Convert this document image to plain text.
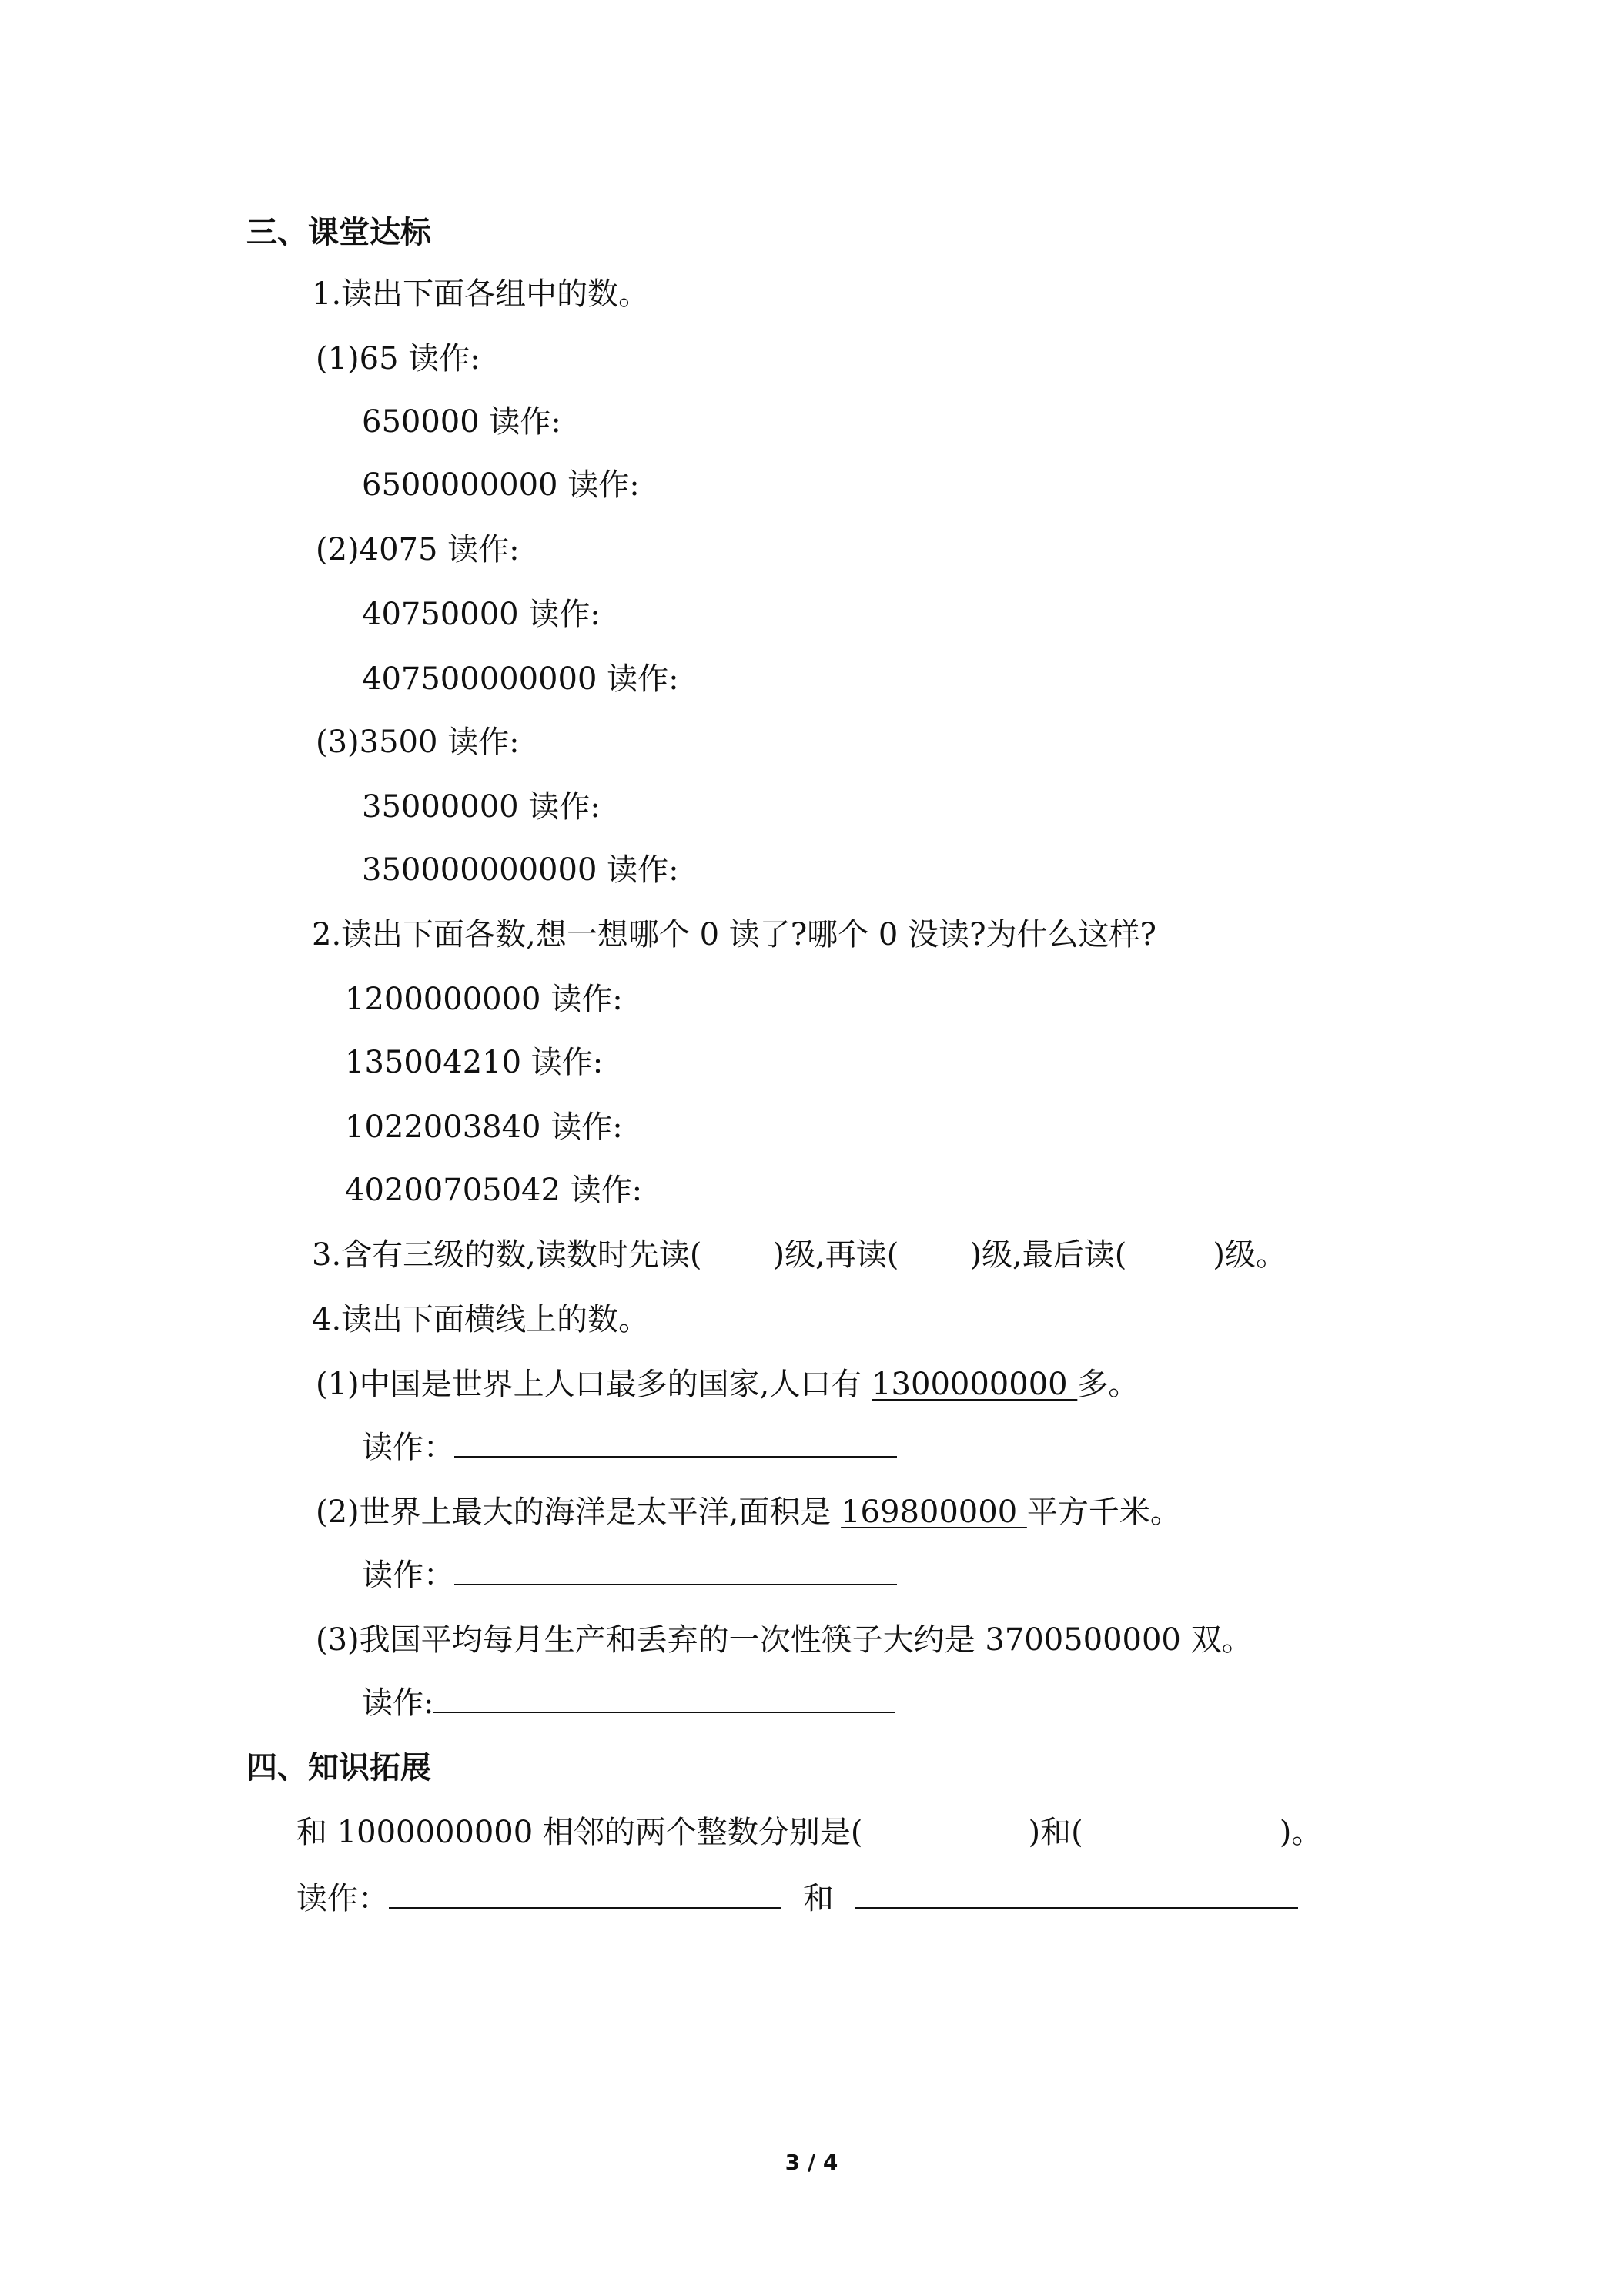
三、课堂达标
1.读出下面各组中的数。
(1)65 读作:
650000 读作:
6500000000 读作:
(2)4075 读作:
40750000 读作:
407500000000 读作:
(3)3500 读作:
35000000 读作:
350000000000 读作:
2.读出下面各数,想一想哪个 0 读了?哪个 0 没读?为什么这样?
1200000000 读作:
135004210 读作:
1022003840 读作:
40200705042 读作:
3.含有三级的数,读数时先读( )级,再读( )级,最后读(	)级。
4.读出下面横线上的数。
(1)中国是世界上人口最多的国家,人口有 1300000000 多。
读作：
(2)世界上最大的海洋是太平洋,面积是 169800000 平方千米。
读作：
(3)我国平均每月生产和丢弃的一次性筷子大约是 3700500000 双。
读作:
四、知识拓展
和 1000000000 相邻的两个整数分别是(	)和(	)。
读作：	和
3 / 4
